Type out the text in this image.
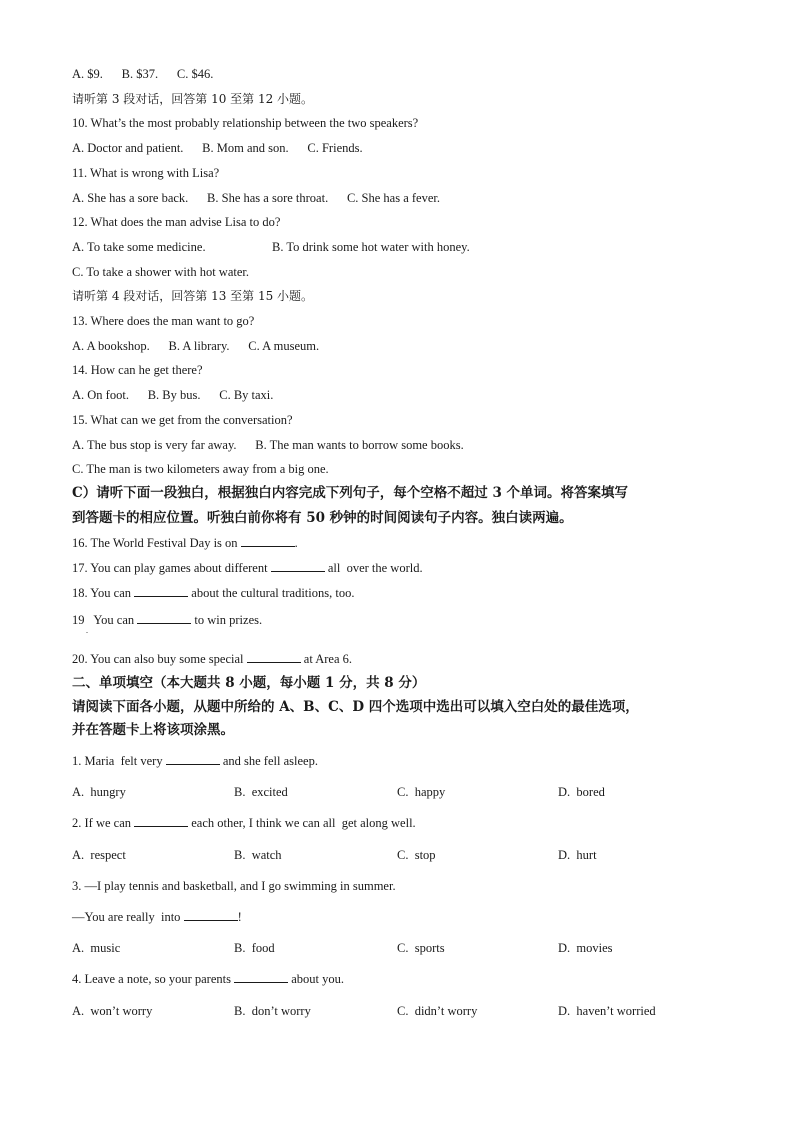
A. $9.      B. $37.      C. $46.
请听第 3 段对话，回答第 10 至第 12 小题。
10. What’s the most probably relationship between the two speakers?
A. Doctor and patient.      B. Mom and son.      C. Friends.
11. What is wrong with Lisa?
A. She has a sore back.      B. She has a sore throat.      C. She has a fever.
12. What does the man advise Lisa to do?
A. To take some medicine.	B. To drink some hot water with honey.
C. To take a shower with hot water.
请听第 4 段对话，回答第 13 至第 15 小题。
13. Where does the man want to go?
A. A bookshop.      B. A library.      C. A museum.
14. How can he get there?
A. On foot.      B. By bus.      C. By taxi.
15. What can we get from the conversation?
A. The bus stop is very far away.      B. The man wants to borrow some books.
C. The man is two kilometers away from a big one.
C）请听下面一段独白，根据独白内容完成下列句子，每个空格不超过 3 个单词。将答案填写
到答题卡的相应位置。听独白前你将有 50 秒钟的时间阅读句子内容。独白读两遍。
16. The World Festival Day is on	.
17. You can play games about different	all  over the world.
18. You can	about the cultural traditions, too.
19   You can	to win prizes.
.
20. You can also buy some special	at Area 6.
二、单项填空（本大题共 8 小题，每小题 1 分，共 8 分）
请阅读下面各小题，从题中所给的 A、B、C、D 四个选项中选出可以填入空白处的最佳选项，
并在答题卡上将该项涂黑。
1. Maria  felt very	and she fell asleep.
A.  hungry	B.  excited	C.  happy	D.  bored
2. If we can	each other, I think we can all  get along well.
A.  respect	B.  watch	C.  stop	D.  hurt
3. —I play tennis and basketball, and I go swimming in summer.
—You are really  into	!
A.  music	B.  food	C.  sports	D.  movies
4. Leave a note, so your parents	about you.
A.  won’t worry	B.  don’t worry	C.  didn’t worry	D.  haven’t worried
